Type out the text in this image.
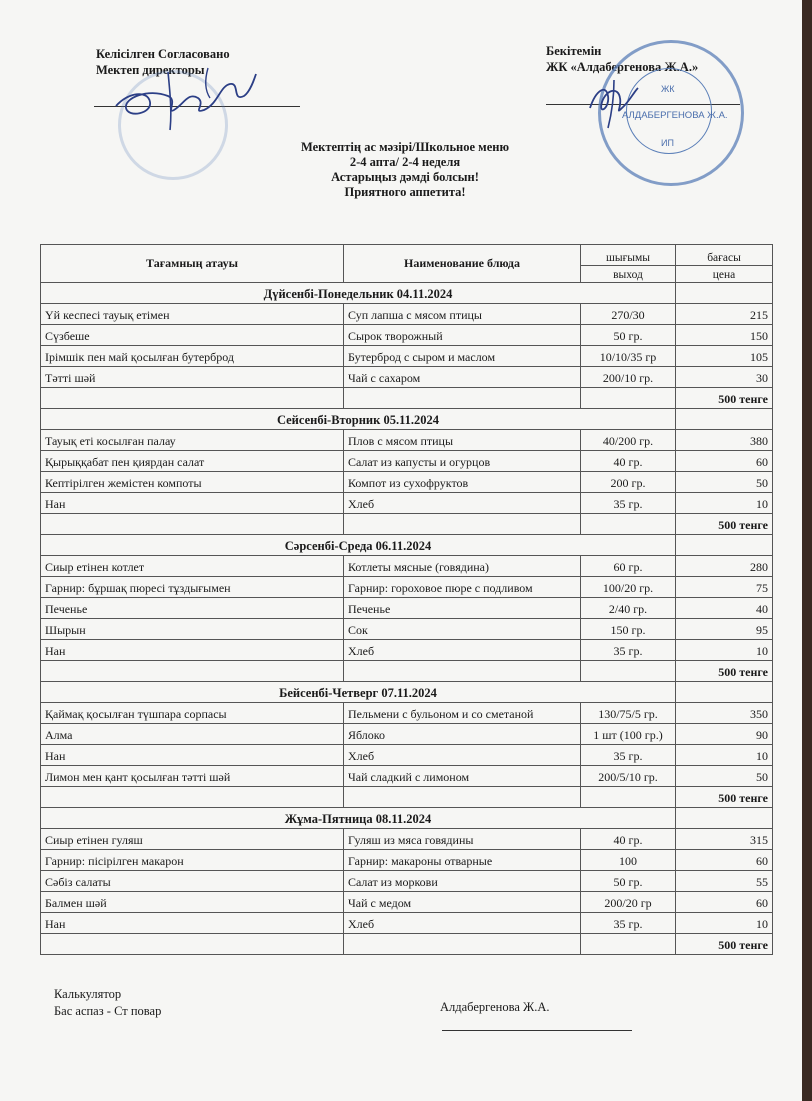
Келісілген Согласовано
Мектеп директоры
Бекітемін
ЖК «Алдабергенова Ж.А.»
ЖК
АЛДАБЕРГЕНОВА Ж.А.
ИП
Мектептің ас мәзірі/Школьное меню
2-4 апта/ 2-4 неделя
Астарыңыз дәмді болсын!
Приятного аппетита!
Тағамның атауы	Наименование блюда	шығымы	бағасы
		выход	цена
Дүйсенбі-Понедельник 04.11.2024			
Үй кеспесі тауық етімен	Суп лапша с мясом птицы	270/30	215
Сүзбеше	Сырок творожный	50 гр.	150
Ірімшік пен май қосылған бутерброд	Бутерброд с сыром и маслом	10/10/35 гр	105
Тәтті шәй	Чай с сахаром	200/10 гр.	30
			500 тенге
Сейсенбі-Вторник 05.11.2024			
Тауық еті косылған палау	Плов с мясом птицы	40/200 гр.	380
Қырыққабат пен қиярдан салат	Салат из капусты и огурцов	40 гр.	60
Кептірілген жемістен компоты	Компот из сухофруктов	200 гр.	50
Нан	Хлеб	35 гр.	10
			500 тенге
Сәрсенбі-Среда 06.11.2024			
Сиыр етінен котлет	Котлеты мясные (говядина)	60 гр.	280
Гарнир: бұршақ пюресі тұздығымен	Гарнир: гороховое пюре с подливом	100/20 гр.	75
Печенье	Печенье	2/40 гр.	40
Шырын	Сок	150 гр.	95
Нан	Хлеб	35 гр.	10
			500 тенге
Бейсенбі-Четверг 07.11.2024			
Қаймақ қосылған түшпара сорпасы	Пельмени с бульоном и со сметаной	130/75/5 гр.	350
Алма	Яблоко	1 шт (100 гр.)	90
Нан	Хлеб	35 гр.	10
Лимон мен қант қосылған тәтті шәй	Чай сладкий с лимоном	200/5/10 гр.	50
			500 тенге
Жұма-Пятница 08.11.2024			
Сиыр етінен гуляш	Гуляш из мяса говядины	40 гр.	315
Гарнир: пісірілген макарон	Гарнир: макароны отварные	100	60
Сәбіз салаты	Салат из моркови	50 гр.	55
Балмен шәй	Чай с медом	200/20 гр	60
Нан	Хлеб	35 гр.	10
			500 тенге
Калькулятор
Бас аспаз - Ст повар	Алдабергенова Ж.А.
